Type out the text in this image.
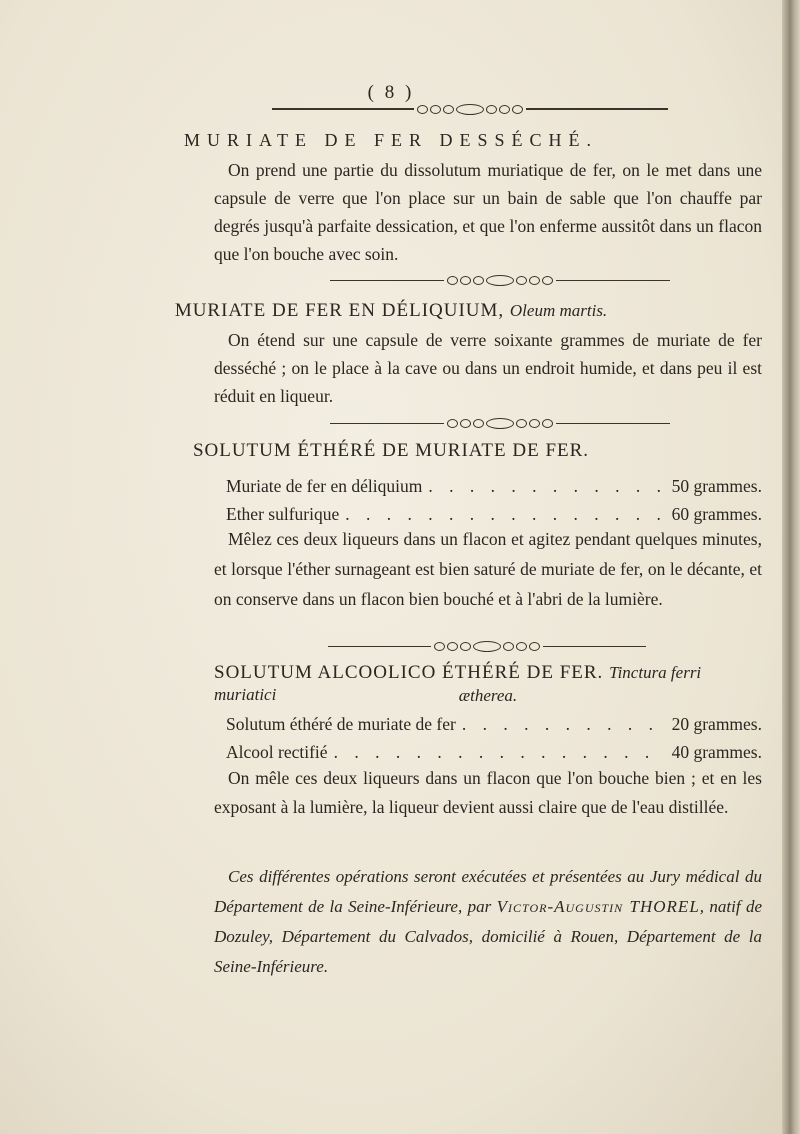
( 8 )
MURIATE DE FER DESSÉCHÉ.
On prend une partie du dissolutum muriatique de fer, on le met dans une capsule de verre que l'on place sur un bain de sable que l'on chauffe par degrés jusqu'à parfaite dessication, et que l'on enferme aussitôt dans un flacon que l'on bouche avec soin.
MURIATE DE FER EN DÉLIQUIUM, Oleum martis.
On étend sur une capsule de verre soixante grammes de muriate de fer desséché ; on le place à la cave ou dans un endroit humide, et dans peu il est réduit en liqueur.
SOLUTUM ÉTHÉRÉ DE MURIATE DE FER.
Muriate de fer en déliquium . . .	50 grammes.
Ether sulfurique . . .	60 grammes.
Mêlez ces deux liqueurs dans un flacon et agitez pendant quelques minutes, et lorsque l'éther surnageant est bien saturé de muriate de fer, on le décante, et on conserve dans un flacon bien bouché et à l'abri de la lumière.
SOLUTUM ALCOOLICO ÉTHÉRÉ DE FER. Tinctura ferri muriatici	ætherea.
Solutum éthéré de muriate de fer . . .	20 grammes.
Alcool rectifié . . .	40 grammes.
On mêle ces deux liqueurs dans un flacon que l'on bouche bien ; et en les exposant à la lumière, la liqueur devient aussi claire que de l'eau distillée.
Ces différentes opérations seront exécutées et présentées au Jury médical du Département de la Seine-Inférieure, par Victor-Augustin THOREL, natif de Dozuley, Département du Calvados, domicilié à Rouen, Département de la Seine-Inférieure.
